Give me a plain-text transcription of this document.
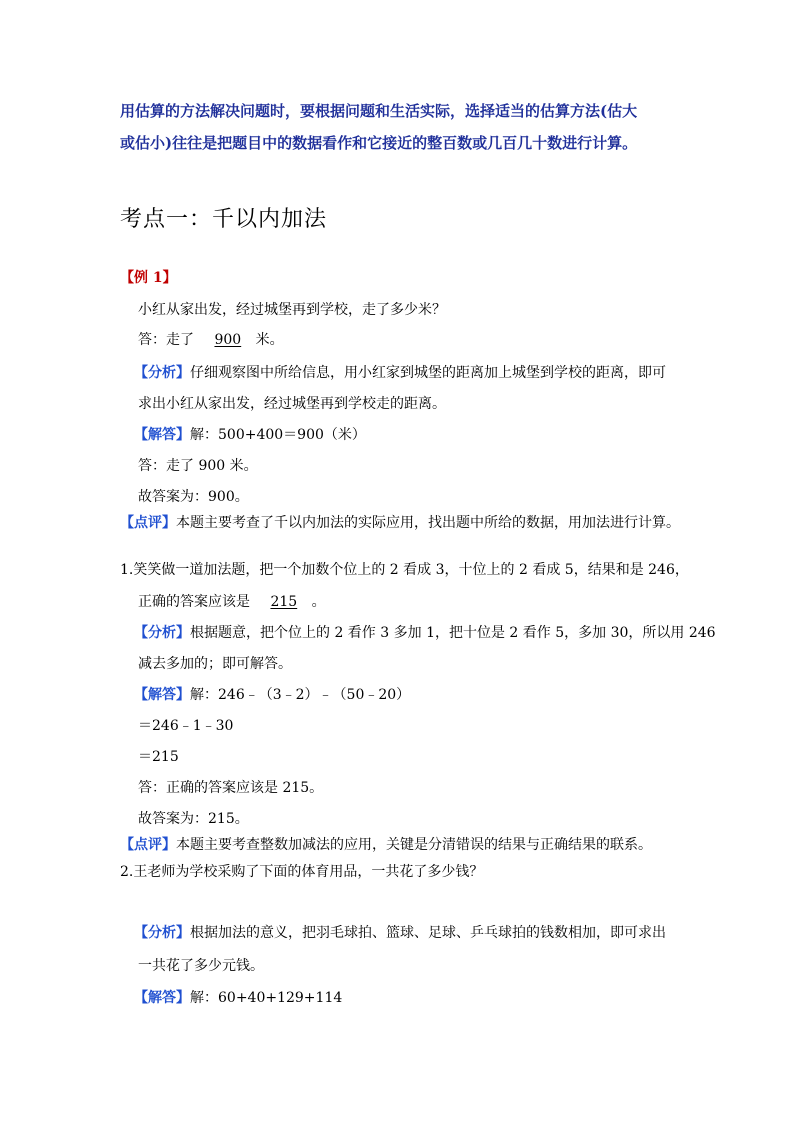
用估算的方法解决问题时，要根据问题和生活实际，选择适当的估算方法(估大
或估小)往往是把题目中的数据看作和它接近的整百数或几百几十数进行计算。
考点一：千以内加法
【例 1】
小红从家出发，经过城堡再到学校，走了多少米？
答：走了 900 米。
【分析】仔细观察图中所给信息，用小红家到城堡的距离加上城堡到学校的距离，即可
求出小红从家出发，经过城堡再到学校走的距离。
【解答】解：500+400＝900（米）
答：走了 900 米。
故答案为：900。
【点评】本题主要考查了千以内加法的实际应用，找出题中所给的数据，用加法进行计算。
1.笑笑做一道加法题，把一个加数个位上的 2 看成 3，十位上的 2 看成 5，结果和是 246，
正确的答案应该是 215 。
【分析】根据题意，把个位上的 2 看作 3 多加 1，把十位是 2 看作 5，多加 30，所以用 246
减去多加的；即可解答。
【解答】解：246﹣（3﹣2）﹣（50﹣20）
＝246﹣1﹣30
＝215
答：正确的答案应该是 215。
故答案为：215。
【点评】本题主要考查整数加减法的应用，关键是分清错误的结果与正确结果的联系。
2.王老师为学校采购了下面的体育用品，一共花了多少钱？
【分析】根据加法的意义，把羽毛球拍、篮球、足球、乒乓球拍的钱数相加，即可求出
一共花了多少元钱。
【解答】解：60+40+129+114
